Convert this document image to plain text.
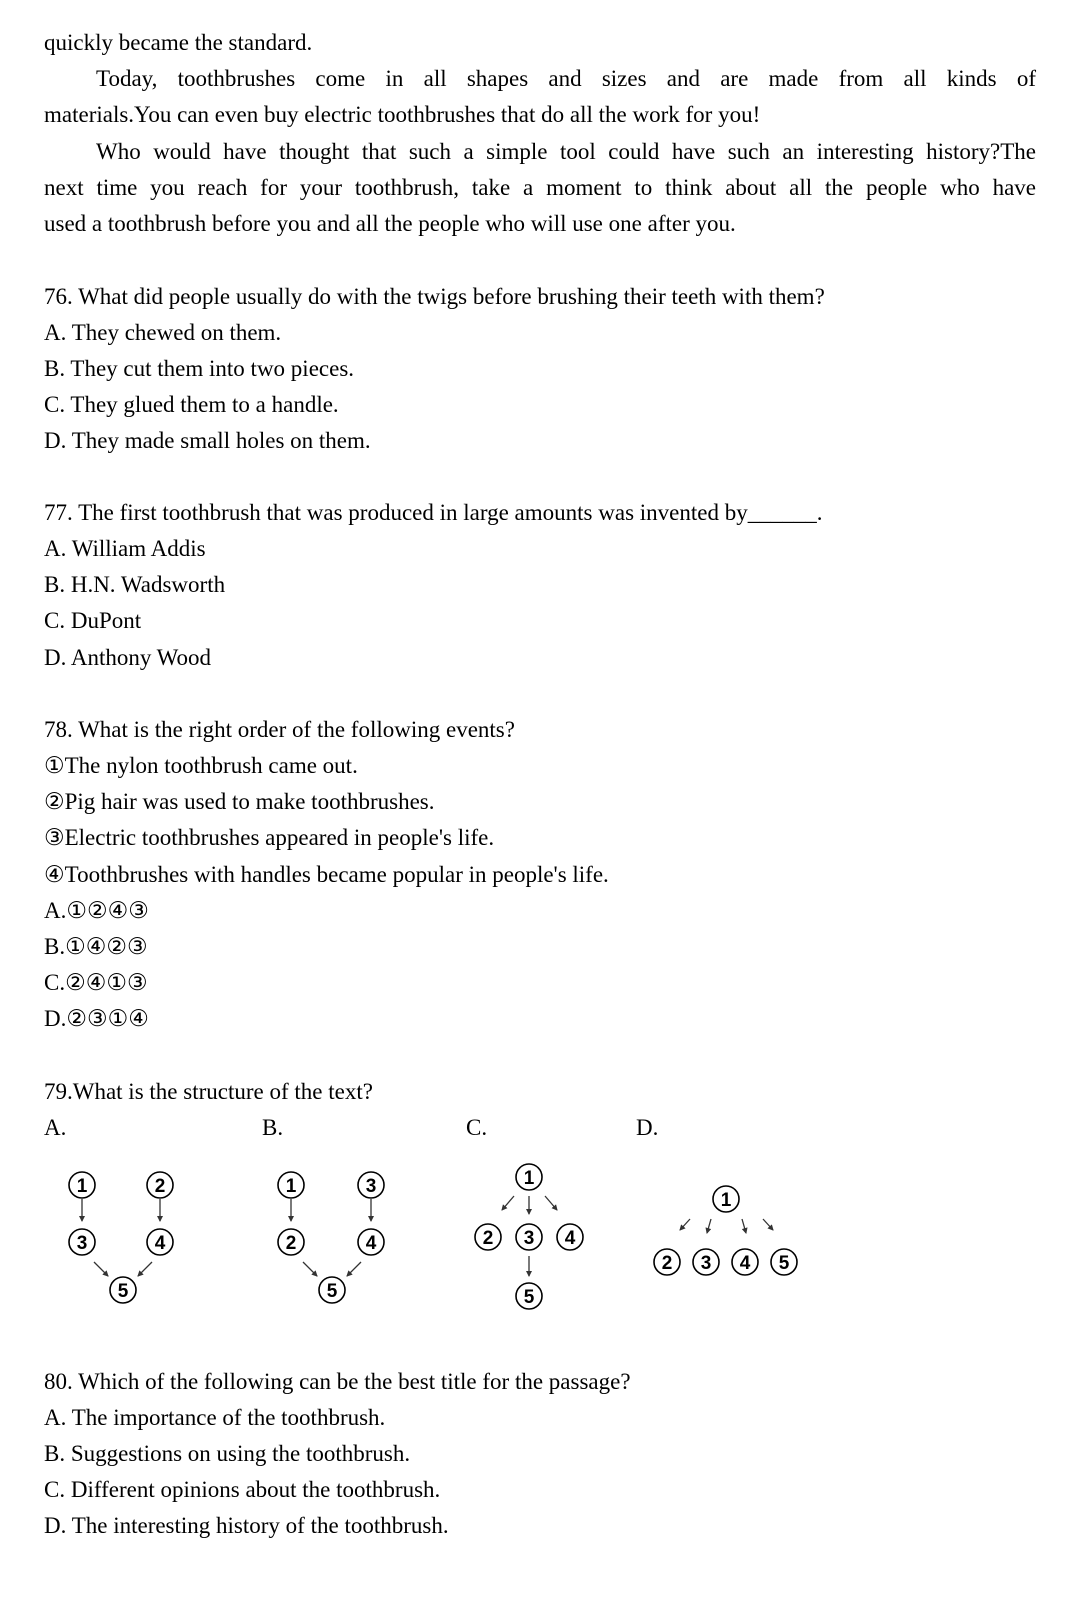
quickly became the standard.
Today, toothbrushes come in all shapes and sizes and are made from all kinds of
materials.You can even buy electric toothbrushes that do all the work for you!
Who would have thought that such a simple tool could have such an interesting history?The
next time you reach for your toothbrush, take a moment to think about all the people who have
used a toothbrush before you and all the people who will use one after you.
76. What did people usually do with the twigs before brushing their teeth with them?
A. They chewed on them.
B. They cut them into two pieces.
C. They glued them to a handle.
D. They made small holes on them.
77. The first toothbrush that was produced in large amounts was invented by______.
A. William Addis
B. H.N. Wadsworth
C. DuPont
D. Anthony Wood
78. What is the right order of the following events?
①The nylon toothbrush came out.
②Pig hair was used to make toothbrushes.
③Electric toothbrushes appeared in people's life.
④Toothbrushes with handles became popular in people's life.
A.①②④③
B.①④②③
C.②④①③
D.②③①④
79.What is the structure of the text?
A.	B.	C.	D.
1	2
3	4
5
1	3
2	4
5
1
2 3 4
5
1
2 3 4 5
80. Which of the following can be the best title for the passage?
A. The importance of the toothbrush.
B. Suggestions on using the toothbrush.
C. Different opinions about the toothbrush.
D. The interesting history of the toothbrush.
